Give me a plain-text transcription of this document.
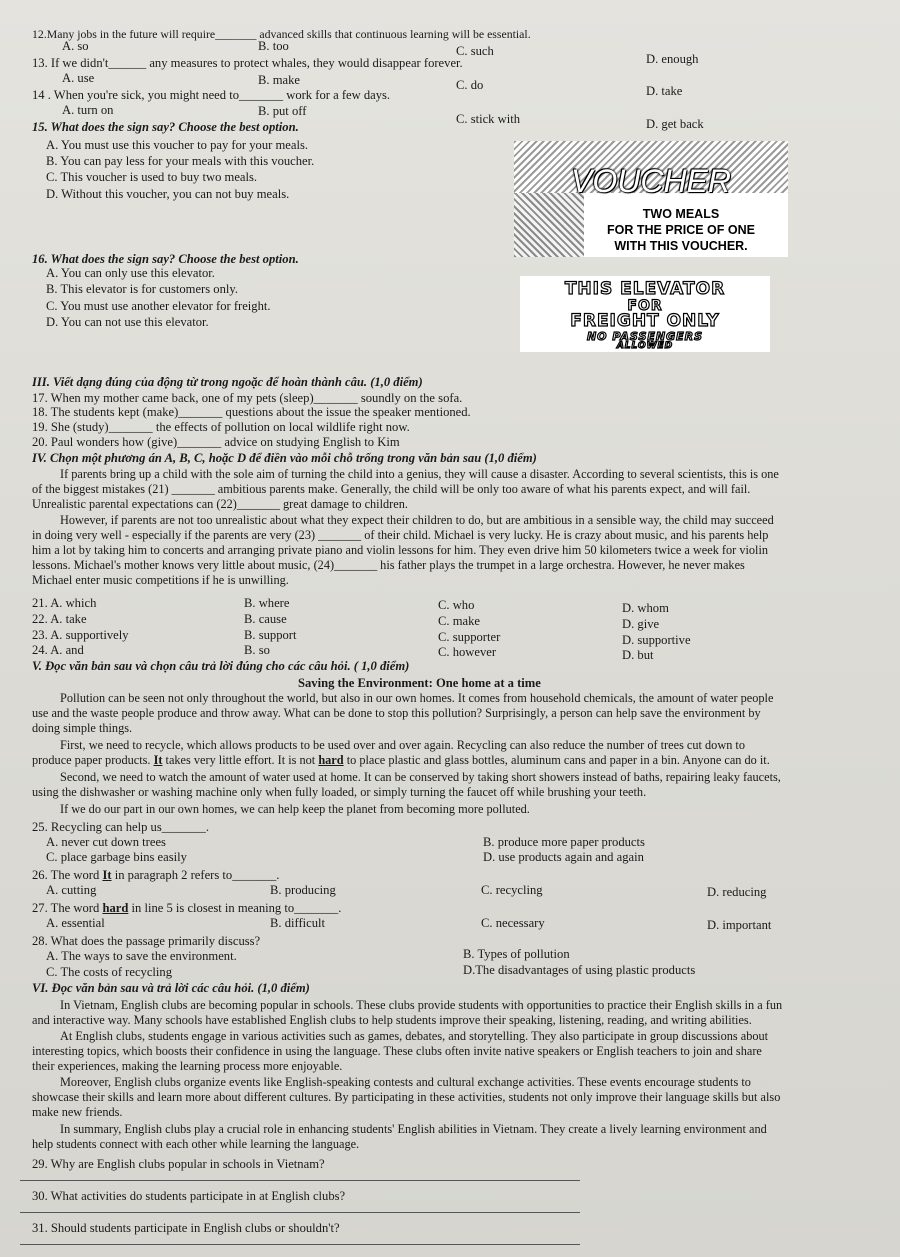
12.Many jobs in the future will require_______ advanced skills that continuous learning will be essential.
A. so	B. too	C. such
D. enough
13. If we didn't______ any measures to protect whales, they would disappear forever.
A. use	B. make	C. do	D. take
14 . When you're sick, you might need to_______ work for a few days.
A. turn on	B. put off
C. stick with	D. get back
15. What does the sign say? Choose the best option.
A. You must use this voucher to pay for your meals.
B. You can pay less for your meals with this voucher.
C. This voucher is used to buy two meals.
D. Without this voucher, you can not buy meals.	VOUCHER
TWO MEALS
FOR THE PRICE OF ONE
WITH THIS VOUCHER.
16. What does the sign say? Choose the best option.
A. You can only use this elevator.
B. This elevator is for customers only.
C. You must use another elevator for freight.
D. You can not use this elevator.
THIS ELEVATOR
FOR
FREIGHT ONLY
NO PASSENGERS
ALLOWED
III. Viết dạng đúng của động từ trong ngoặc để hoàn thành câu. (1,0 điểm)
17. When my mother came back, one of my pets (sleep)_______ soundly on the sofa.
18. The students kept (make)_______ questions about the issue the speaker mentioned.
19. She (study)_______ the effects of pollution on local wildlife right now.
20. Paul wonders how (give)_______ advice on studying English to Kim
IV. Chọn một phương án A, B, C, hoặc D để điền vào mỗi chỗ trống trong văn bản sau (1,0 điểm)
If parents bring up a child with the sole aim of turning the child into a genius, they will cause a disaster. According to several scientists, this is one
of the biggest mistakes (21) _______ ambitious parents make. Generally, the child will be only too aware of what his parents expect, and will fail.
Unrealistic parental expectations can (22)_______ great damage to children.
However, if parents are not too unrealistic about what they expect their children to do, but are ambitious in a sensible way, the child may succeed
in doing very well - especially if the parents are very (23) _______ of their child. Michael is very lucky. He is crazy about music, and his parents help
him a lot by taking him to concerts and arranging private piano and violin lessons for him. They even drive him 50 kilometers twice a week for violin
lessons. Michael's mother knows very little about music, (24)_______ his father plays the trumpet in a large orchestra. However, he never makes
Michael enter music competitions if he is unwilling.
21. A. which	B. where	C. who	D. whom
22. A. take	B. cause	C. make	D. give
23. A. supportively	B. support	C. supporter	D. supportive
24. A. and	B. so	C. however	D. but
V. Đọc văn bản sau và chọn câu trả lời đúng cho các câu hỏi. ( 1,0 điểm)
Saving the Environment: One home at a time
Pollution can be seen not only throughout the world, but also in our own homes. It comes from household chemicals, the amount of water people
use and the waste people produce and throw away. What can be done to stop this pollution? Surprisingly, a person can help save the environment by
doing simple things.
First, we need to recycle, which allows products to be used over and over again. Recycling can also reduce the number of trees cut down to
produce paper products. It takes very little effort. It is not hard to place plastic and glass bottles, aluminum cans and paper in a bin. Anyone can do it.
Second, we need to watch the amount of water used at home. It can be conserved by taking short showers instead of baths, repairing leaky faucets,
using the dishwasher or washing machine only when fully loaded, or simply turning the faucet off while brushing your teeth.
If we do our part in our own homes, we can help keep the planet from becoming more polluted.
25. Recycling can help us_______.
A. never cut down trees	B. produce more paper products
C. place garbage bins easily	D. use products again and again
26. The word It in paragraph 2 refers to_______.
A. cutting	B. producing	C. recycling	D. reducing
27. The word hard in line 5 is closest in meaning to_______.
A. essential	B. difficult	C. necessary	D. important
28. What does the passage primarily discuss?
A. The ways to save the environment.	B. Types of pollution
C. The costs of recycling	D.The disadvantages of using plastic products
VI. Đọc văn bản sau và trả lời các câu hỏi. (1,0 điểm)
In Vietnam, English clubs are becoming popular in schools. These clubs provide students with opportunities to practice their English skills in a fun
and interactive way. Many schools have established English clubs to help students improve their speaking, listening, reading, and writing abilities.
At English clubs, students engage in various activities such as games, debates, and storytelling. They also participate in group discussions about
interesting topics, which boosts their confidence in using the language. These clubs often invite native speakers or English teachers to join and share
their experiences, making the learning process more enjoyable.
Moreover, English clubs organize events like English-speaking contests and cultural exchange activities. These events encourage students to
showcase their skills and learn more about different cultures. By participating in these activities, students not only improve their language skills but also
make new friends.
In summary, English clubs play a crucial role in enhancing students' English abilities in Vietnam. They create a lively learning environment and
help students connect with each other while learning the language.
29. Why are English clubs popular in schools in Vietnam?
30. What activities do students participate in at English clubs?
31. Should students participate in English clubs or shouldn't?
